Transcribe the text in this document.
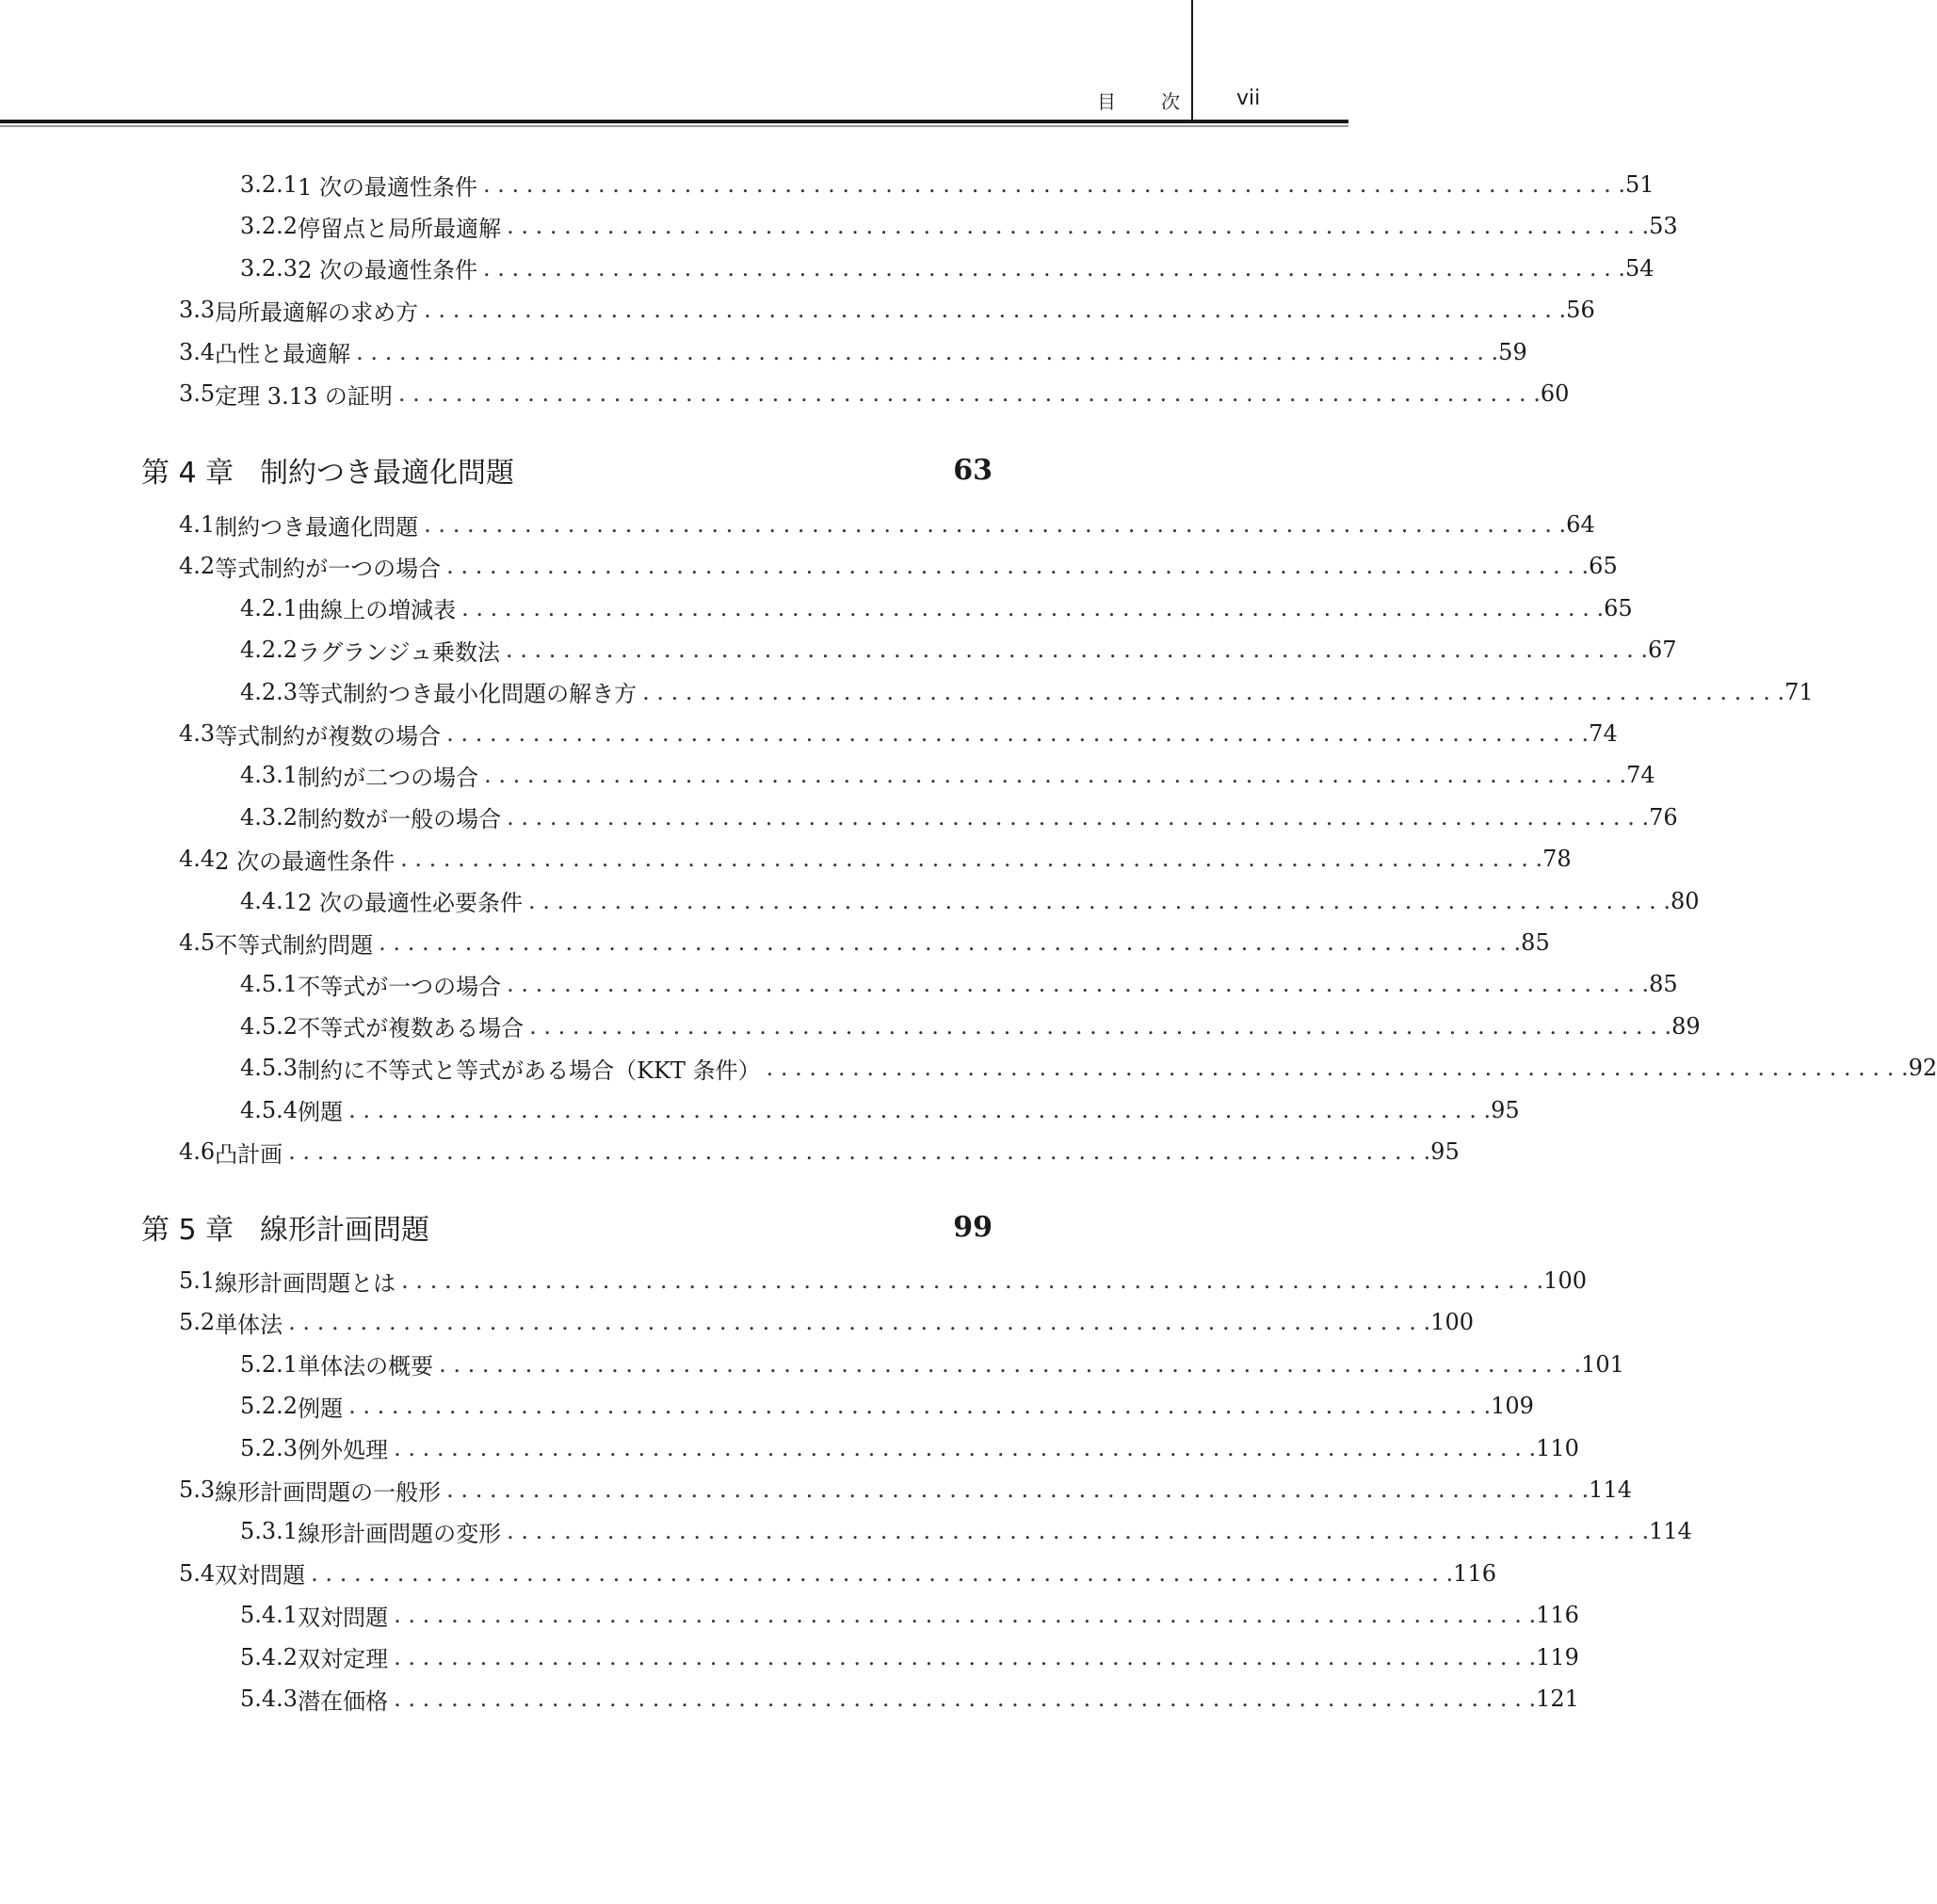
目　次 vii
第 4 章 制約つき最適化問題	63
第 5 章 線形計画問題	99
3.2.1 1 次の最適性条件 . . . . . . . . . . . . . . . . . . . . . . . . . . . . . . . . . . . . . . . . . . . . . . . . . . . . . . . . . . . . . . . . . . . . . . . . . . . . . . . . 51
3.2.2 停留点と局所最適解 . . . . . . . . . . . . . . . . . . . . . . . . . . . . . . . . . . . . . . . . . . . . . . . . . . . . . . . . . . . . . . . . . . . . . . . . . . . . . . . . 53
3.2.3 2 次の最適性条件 . . . . . . . . . . . . . . . . . . . . . . . . . . . . . . . . . . . . . . . . . . . . . . . . . . . . . . . . . . . . . . . . . . . . . . . . . . . . . . . . 54
3.3 局所最適解の求め方 . . . . . . . . . . . . . . . . . . . . . . . . . . . . . . . . . . . . . . . . . . . . . . . . . . . . . . . . . . . . . . . . . . . . . . . . . . . . . . . . 56
3.4 凸性と最適解 . . . . . . . . . . . . . . . . . . . . . . . . . . . . . . . . . . . . . . . . . . . . . . . . . . . . . . . . . . . . . . . . . . . . . . . . . . . . . . . . 59
3.5 定理 3.13 の証明 . . . . . . . . . . . . . . . . . . . . . . . . . . . . . . . . . . . . . . . . . . . . . . . . . . . . . . . . . . . . . . . . . . . . . . . . . . . . . . . . 60
4.1 制約つき最適化問題 . . . . . . . . . . . . . . . . . . . . . . . . . . . . . . . . . . . . . . . . . . . . . . . . . . . . . . . . . . . . . . . . . . . . . . . . . . . . . . . . 64
4.2 等式制約が一つの場合 . . . . . . . . . . . . . . . . . . . . . . . . . . . . . . . . . . . . . . . . . . . . . . . . . . . . . . . . . . . . . . . . . . . . . . . . . . . . . . . . 65
4.2.1 曲線上の増減表 . . . . . . . . . . . . . . . . . . . . . . . . . . . . . . . . . . . . . . . . . . . . . . . . . . . . . . . . . . . . . . . . . . . . . . . . . . . . . . . . 65
4.2.2 ラグランジュ乗数法 . . . . . . . . . . . . . . . . . . . . . . . . . . . . . . . . . . . . . . . . . . . . . . . . . . . . . . . . . . . . . . . . . . . . . . . . . . . . . . . . 67
4.2.3 等式制約つき最小化問題の解き方 . . . . . . . . . . . . . . . . . . . . . . . . . . . . . . . . . . . . . . . . . . . . . . . . . . . . . . . . . . . . . . . . . . . . . . . . . . . . . . . . 71
4.3 等式制約が複数の場合 . . . . . . . . . . . . . . . . . . . . . . . . . . . . . . . . . . . . . . . . . . . . . . . . . . . . . . . . . . . . . . . . . . . . . . . . . . . . . . . . 74
4.3.1 制約が二つの場合 . . . . . . . . . . . . . . . . . . . . . . . . . . . . . . . . . . . . . . . . . . . . . . . . . . . . . . . . . . . . . . . . . . . . . . . . . . . . . . . . 74
4.3.2 制約数が一般の場合 . . . . . . . . . . . . . . . . . . . . . . . . . . . . . . . . . . . . . . . . . . . . . . . . . . . . . . . . . . . . . . . . . . . . . . . . . . . . . . . . 76
4.4 2 次の最適性条件 . . . . . . . . . . . . . . . . . . . . . . . . . . . . . . . . . . . . . . . . . . . . . . . . . . . . . . . . . . . . . . . . . . . . . . . . . . . . . . . . 78
4.4.1 2 次の最適性必要条件 . . . . . . . . . . . . . . . . . . . . . . . . . . . . . . . . . . . . . . . . . . . . . . . . . . . . . . . . . . . . . . . . . . . . . . . . . . . . . . . . 80
4.5 不等式制約問題 . . . . . . . . . . . . . . . . . . . . . . . . . . . . . . . . . . . . . . . . . . . . . . . . . . . . . . . . . . . . . . . . . . . . . . . . . . . . . . . . 85
4.5.1 不等式が一つの場合 . . . . . . . . . . . . . . . . . . . . . . . . . . . . . . . . . . . . . . . . . . . . . . . . . . . . . . . . . . . . . . . . . . . . . . . . . . . . . . . . 85
4.5.2 不等式が複数ある場合 . . . . . . . . . . . . . . . . . . . . . . . . . . . . . . . . . . . . . . . . . . . . . . . . . . . . . . . . . . . . . . . . . . . . . . . . . . . . . . . . 89
4.5.3 制約に不等式と等式がある場合（KKT 条件） . . . . . . . . . . . . . . . . . . . . . . . . . . . . . . . . . . . . . . . . . . . . . . . . . . . . . . . . . . . . . . . . . . . . . . . . . . . . . . . . 92
4.5.4 例題 . . . . . . . . . . . . . . . . . . . . . . . . . . . . . . . . . . . . . . . . . . . . . . . . . . . . . . . . . . . . . . . . . . . . . . . . . . . . . . . . 95
4.6 凸計画 . . . . . . . . . . . . . . . . . . . . . . . . . . . . . . . . . . . . . . . . . . . . . . . . . . . . . . . . . . . . . . . . . . . . . . . . . . . . . . . . 95
5.1 線形計画問題とは . . . . . . . . . . . . . . . . . . . . . . . . . . . . . . . . . . . . . . . . . . . . . . . . . . . . . . . . . . . . . . . . . . . . . . . . . . . . . . . . 100
5.2 単体法 . . . . . . . . . . . . . . . . . . . . . . . . . . . . . . . . . . . . . . . . . . . . . . . . . . . . . . . . . . . . . . . . . . . . . . . . . . . . . . . . 100
5.2.1 単体法の概要 . . . . . . . . . . . . . . . . . . . . . . . . . . . . . . . . . . . . . . . . . . . . . . . . . . . . . . . . . . . . . . . . . . . . . . . . . . . . . . . . 101
5.2.2 例題 . . . . . . . . . . . . . . . . . . . . . . . . . . . . . . . . . . . . . . . . . . . . . . . . . . . . . . . . . . . . . . . . . . . . . . . . . . . . . . . . 109
5.2.3 例外処理 . . . . . . . . . . . . . . . . . . . . . . . . . . . . . . . . . . . . . . . . . . . . . . . . . . . . . . . . . . . . . . . . . . . . . . . . . . . . . . . . 110
5.3 線形計画問題の一般形 . . . . . . . . . . . . . . . . . . . . . . . . . . . . . . . . . . . . . . . . . . . . . . . . . . . . . . . . . . . . . . . . . . . . . . . . . . . . . . . . 114
5.3.1 線形計画問題の変形 . . . . . . . . . . . . . . . . . . . . . . . . . . . . . . . . . . . . . . . . . . . . . . . . . . . . . . . . . . . . . . . . . . . . . . . . . . . . . . . . 114
5.4 双対問題 . . . . . . . . . . . . . . . . . . . . . . . . . . . . . . . . . . . . . . . . . . . . . . . . . . . . . . . . . . . . . . . . . . . . . . . . . . . . . . . . 116
5.4.1 双対問題 . . . . . . . . . . . . . . . . . . . . . . . . . . . . . . . . . . . . . . . . . . . . . . . . . . . . . . . . . . . . . . . . . . . . . . . . . . . . . . . . 116
5.4.2 双対定理 . . . . . . . . . . . . . . . . . . . . . . . . . . . . . . . . . . . . . . . . . . . . . . . . . . . . . . . . . . . . . . . . . . . . . . . . . . . . . . . . 119
5.4.3 潜在価格 . . . . . . . . . . . . . . . . . . . . . . . . . . . . . . . . . . . . . . . . . . . . . . . . . . . . . . . . . . . . . . . . . . . . . . . . . . . . . . . . 121
